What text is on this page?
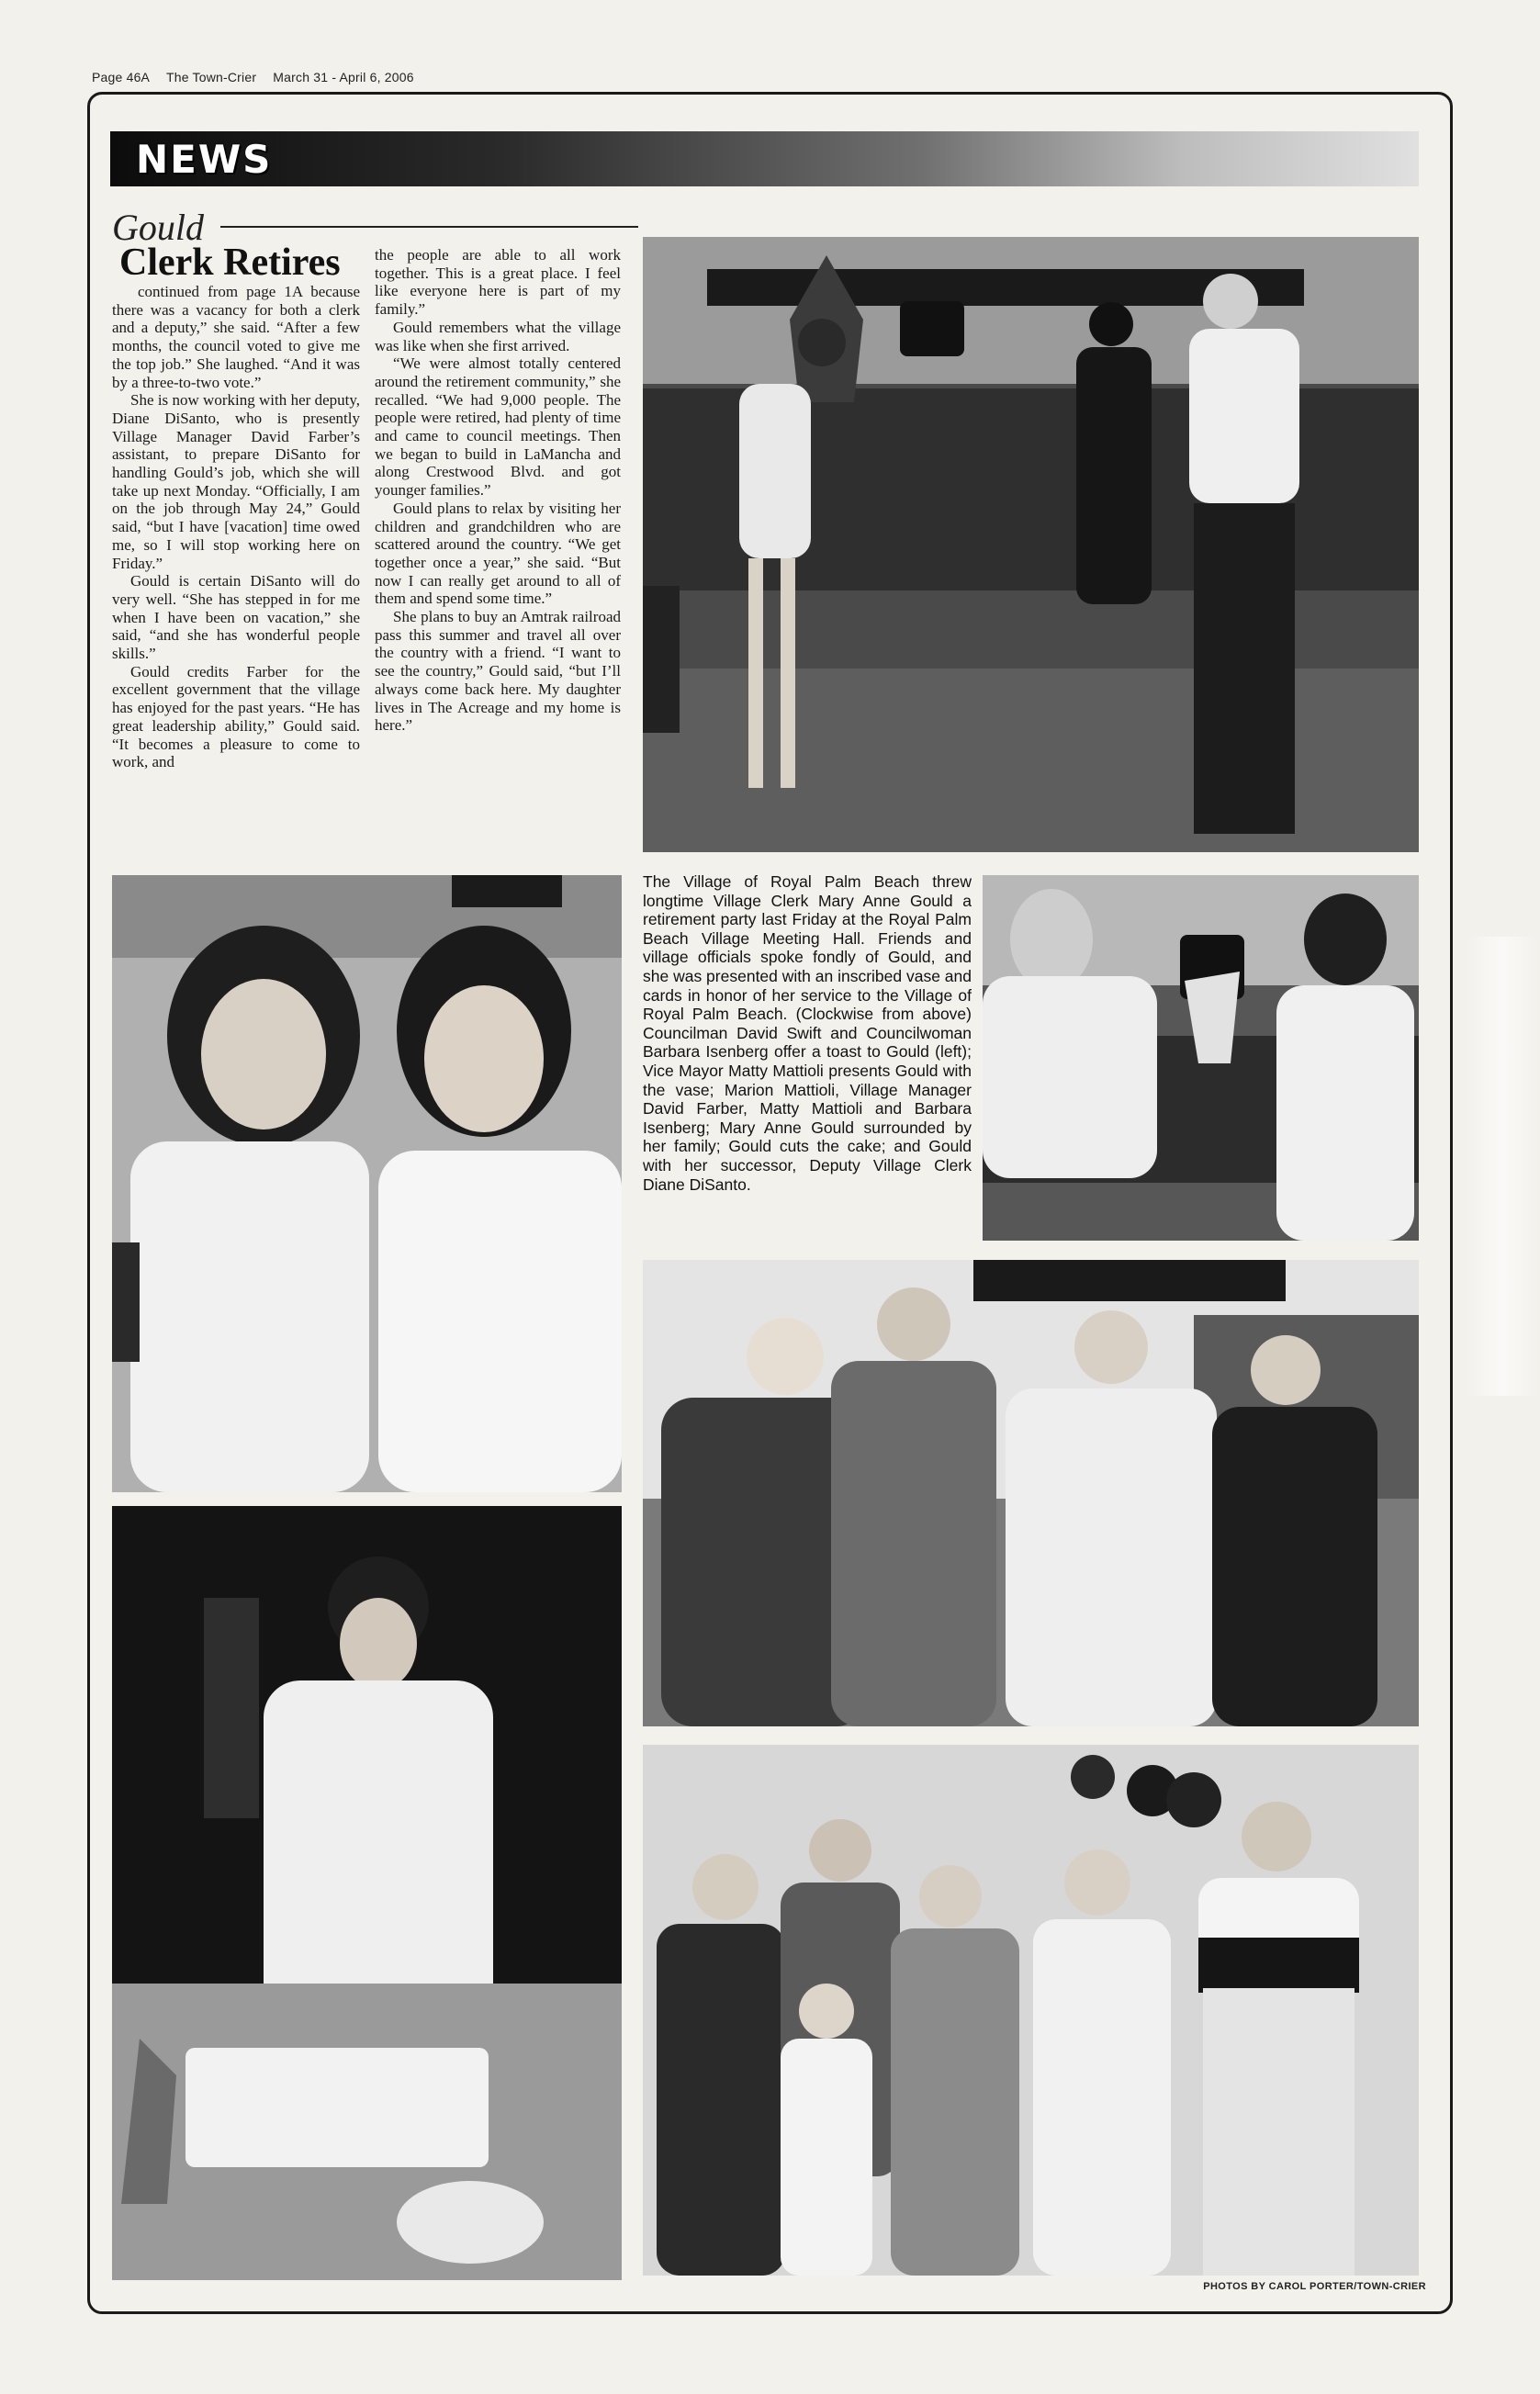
Page 46A The Town-Crier March 31 - April 6, 2006
NEWS
Gould
Clerk Retires

continued from page 1A because there was a vacancy for both a clerk and a deputy,” she said. “After a few months, the council voted to give me the top job.” She laughed. “And it was by a three-to-two vote.”

She is now working with her deputy, Diane DiSanto, who is presently Village Manager David Farber’s assistant, to prepare DiSanto for handling Gould’s job, which she will take up next Monday. “Officially, I am on the job through May 24,” Gould said, “but I have [vacation] time owed me, so I will stop working here on Friday.”

Gould is certain DiSanto will do very well. “She has stepped in for me when I have been on vacation,” she said, “and she has wonderful people skills.”

Gould credits Farber for the excellent government that the village has enjoyed for the past years. “He has great leadership ability,” Gould said. “It becomes a pleasure to come to work, and

the people are able to all work together. This is a great place. I feel like everyone here is part of my family.”

Gould remembers what the village was like when she first arrived.

“We were almost totally centered around the retirement community,” she recalled. “We had 9,000 people. The people were retired, had plenty of time and came to council meetings. Then we began to build in LaMancha and along Crestwood Blvd. and got younger families.”

Gould plans to relax by visiting her children and grandchildren who are scattered around the country. “We get together once a year,” she said. “But now I can really get around to all of them and spend some time.”

She plans to buy an Amtrak railroad pass this summer and travel all over the country with a friend. “I want to see the country,” Gould said, “but I’ll always come back here. My daughter lives in The Acreage and my home is here.”

The Village of Royal Palm Beach threw longtime Village Clerk Mary Anne Gould a retirement party last Friday at the Royal Palm Beach Village Meeting Hall. Friends and village officials spoke fondly of Gould, and she was presented with an inscribed vase and cards in honor of her service to the Village of Royal Palm Beach. (Clockwise from above) Councilman David Swift and Councilwoman Barbara Isenberg offer a toast to Gould (left); Vice Mayor Matty Mattioli presents Gould with the vase; Marion Mattioli, Village Manager David Farber, Matty Mattioli and Barbara Isenberg; Mary Anne Gould surrounded by her family; Gould cuts the cake; and Gould with her successor, Deputy Village Clerk Diane DiSanto.
PHOTOS BY CAROL PORTER/TOWN-CRIER
